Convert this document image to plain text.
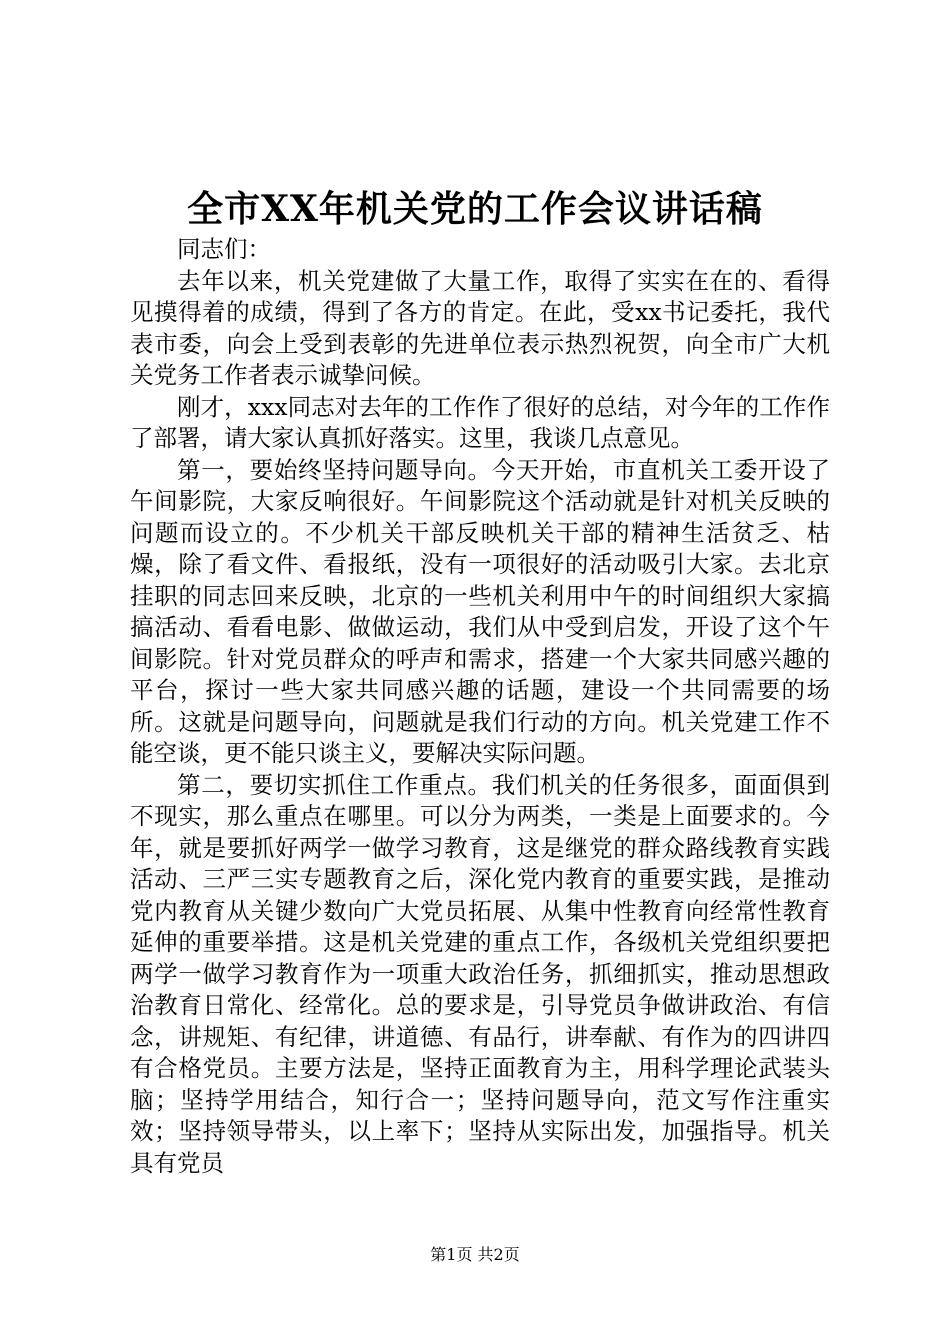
全市XX年机关党的工作会议讲话稿

同志们：

去年以来，机关党建做了大量工作，取得了实实在在的、看得见摸得着的成绩，得到了各方的肯定。在此，受xx书记委托，我代表市委，向会上受到表彰的先进单位表示热烈祝贺，向全市广大机关党务工作者表示诚挚问候。

刚才，xxx同志对去年的工作作了很好的总结，对今年的工作作了部署，请大家认真抓好落实。这里，我谈几点意见。

第一，要始终坚持问题导向。今天开始，市直机关工委开设了午间影院，大家反响很好。午间影院这个活动就是针对机关反映的问题而设立的。不少机关干部反映机关干部的精神生活贫乏、枯燥，除了看文件、看报纸，没有一项很好的活动吸引大家。去北京挂职的同志回来反映，北京的一些机关利用中午的时间组织大家搞搞活动、看看电影、做做运动，我们从中受到启发，开设了这个午间影院。针对党员群众的呼声和需求，搭建一个大家共同感兴趣的平台，探讨一些大家共同感兴趣的话题，建设一个共同需要的场所。这就是问题导向，问题就是我们行动的方向。机关党建工作不能空谈，更不能只谈主义，要解决实际问题。

第二，要切实抓住工作重点。我们机关的任务很多，面面俱到不现实，那么重点在哪里。可以分为两类，一类是上面要求的。今年，就是要抓好两学一做学习教育，这是继党的群众路线教育实践活动、三严三实专题教育之后，深化党内教育的重要实践，是推动党内教育从关键少数向广大党员拓展、从集中性教育向经常性教育延伸的重要举措。这是机关党建的重点工作，各级机关党组织要把两学一做学习教育作为一项重大政治任务，抓细抓实，推动思想政治教育日常化、经常化。总的要求是，引导党员争做讲政治、有信念，讲规矩、有纪律，讲道德、有品行，讲奉献、有作为的四讲四有合格党员。主要方法是，坚持正面教育为主，用科学理论武装头脑；坚持学用结合，知行合一；坚持问题导向，范文写作注重实效；坚持领导带头，以上率下；坚持从实际出发，加强指导。机关具有党员

第1页 共2页
